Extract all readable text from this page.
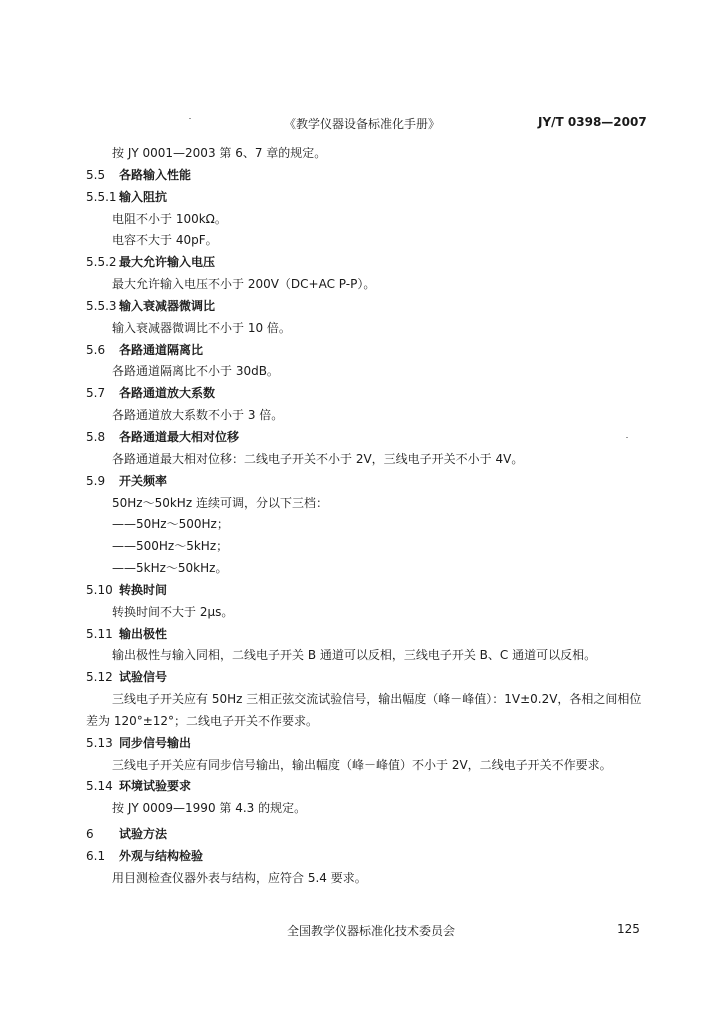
《教学仪器设备标准化手册》	JY/T 0398—2007
按 JY 0001—2003 第 6、7 章的规定。
5.5 各路输入性能
5.5.1 输入阻抗
电阻不小于 100kΩ。
电容不大于 40pF。
5.5.2 最大允许输入电压
最大允许输入电压不小于 200V（DC+AC P-P）。
5.5.3 输入衰减器微调比
输入衰减器微调比不小于 10 倍。
5.6 各路通道隔离比
各路通道隔离比不小于 30dB。
5.7 各路通道放大系数
各路通道放大系数不小于 3 倍。
5.8 各路通道最大相对位移
各路通道最大相对位移：二线电子开关不小于 2V，三线电子开关不小于 4V。
5.9 开关频率
50Hz～50kHz 连续可调，分以下三档：
——50Hz～500Hz；
——500Hz～5kHz；
——5kHz～50kHz。
5.10 转换时间
转换时间不大于 2μs。
5.11 输出极性
输出极性与输入同相，二线电子开关 B 通道可以反相，三线电子开关 B、C 通道可以反相。
5.12 试验信号
三线电子开关应有 50Hz 三相正弦交流试验信号，输出幅度（峰－峰值）：1V±0.2V，各相之间相位
差为 120°±12°；二线电子开关不作要求。
5.13 同步信号输出
三线电子开关应有同步信号输出，输出幅度（峰－峰值）不小于 2V，二线电子开关不作要求。
5.14 环境试验要求
按 JY 0009—1990 第 4.3 的规定。
6 试验方法
6.1 外观与结构检验
用目测检查仪器外表与结构，应符合 5.4 要求。
全国教学仪器标准化技术委员会	125
